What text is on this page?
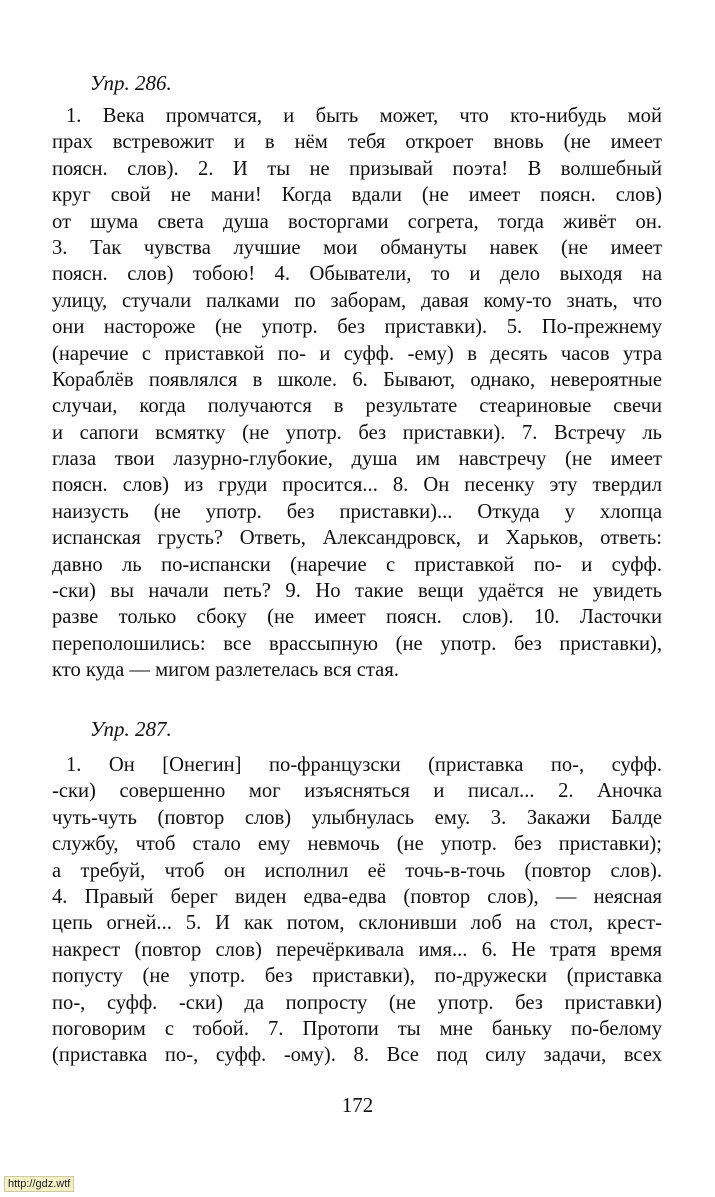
Упр. 286.
1. Века промчатся, и быть может, что кто-нибудь мой
прах встревожит и в нём тебя откроет вновь (не имеет
поясн. слов). 2. И ты не призывай поэта! В волшебный
круг свой не мани! Когда вдали (не имеет поясн. слов)
от шума света душа восторгами согрета, тогда живёт он.
3. Так чувства лучшие мои обмануты навек (не имеет
поясн. слов) тобою! 4. Обыватели, то и дело выходя на
улицу, стучали палками по заборам, давая кому-то знать, что
они настороже (не употр. без приставки). 5. По-прежнему
(наречие с приставкой по- и суфф. -ему) в десять часов утра
Кораблёв появлялся в школе. 6. Бывают, однако, невероятные
случаи, когда получаются в результате стеариновые свечи
и сапоги всмятку (не употр. без приставки). 7. Встречу ль
глаза твои лазурно-глубокие, душа им навстречу (не имеет
поясн. слов) из груди просится... 8. Он песенку эту твердил
наизусть (не употр. без приставки)... Откуда у хлопца
испанская грусть? Ответь, Александровск, и Харьков, ответь:
давно ль по-испански (наречие с приставкой по- и суфф.
-ски) вы начали петь? 9. Но такие вещи удаётся не увидеть
разве только сбоку (не имеет поясн. слов). 10. Ласточки
переполошились: все врассыпную (не употр. без приставки),
кто куда — мигом разлетелась вся стая.
Упр. 287.
1. Он [Онегин] по-французски (приставка по-, суфф.
-ски) совершенно мог изъясняться и писал... 2. Аночка
чуть-чуть (повтор слов) улыбнулась ему. 3. Закажи Балде
службу, чтоб стало ему невмочь (не употр. без приставки);
а требуй, чтоб он исполнил её точь-в-точь (повтор слов).
4. Правый берег виден едва-едва (повтор слов), — неясная
цепь огней... 5. И как потом, склонивши лоб на стол, крест-
накрест (повтор слов) перечёркивала имя... 6. Не тратя время
попусту (не употр. без приставки), по-дружески (приставка
по-, суфф. -ски) да попросту (не употр. без приставки)
поговорим с тобой. 7. Протопи ты мне баньку по-белому
(приставка по-, суфф. -ому). 8. Все под силу задачи, всех
172
http://gdz.wtf
